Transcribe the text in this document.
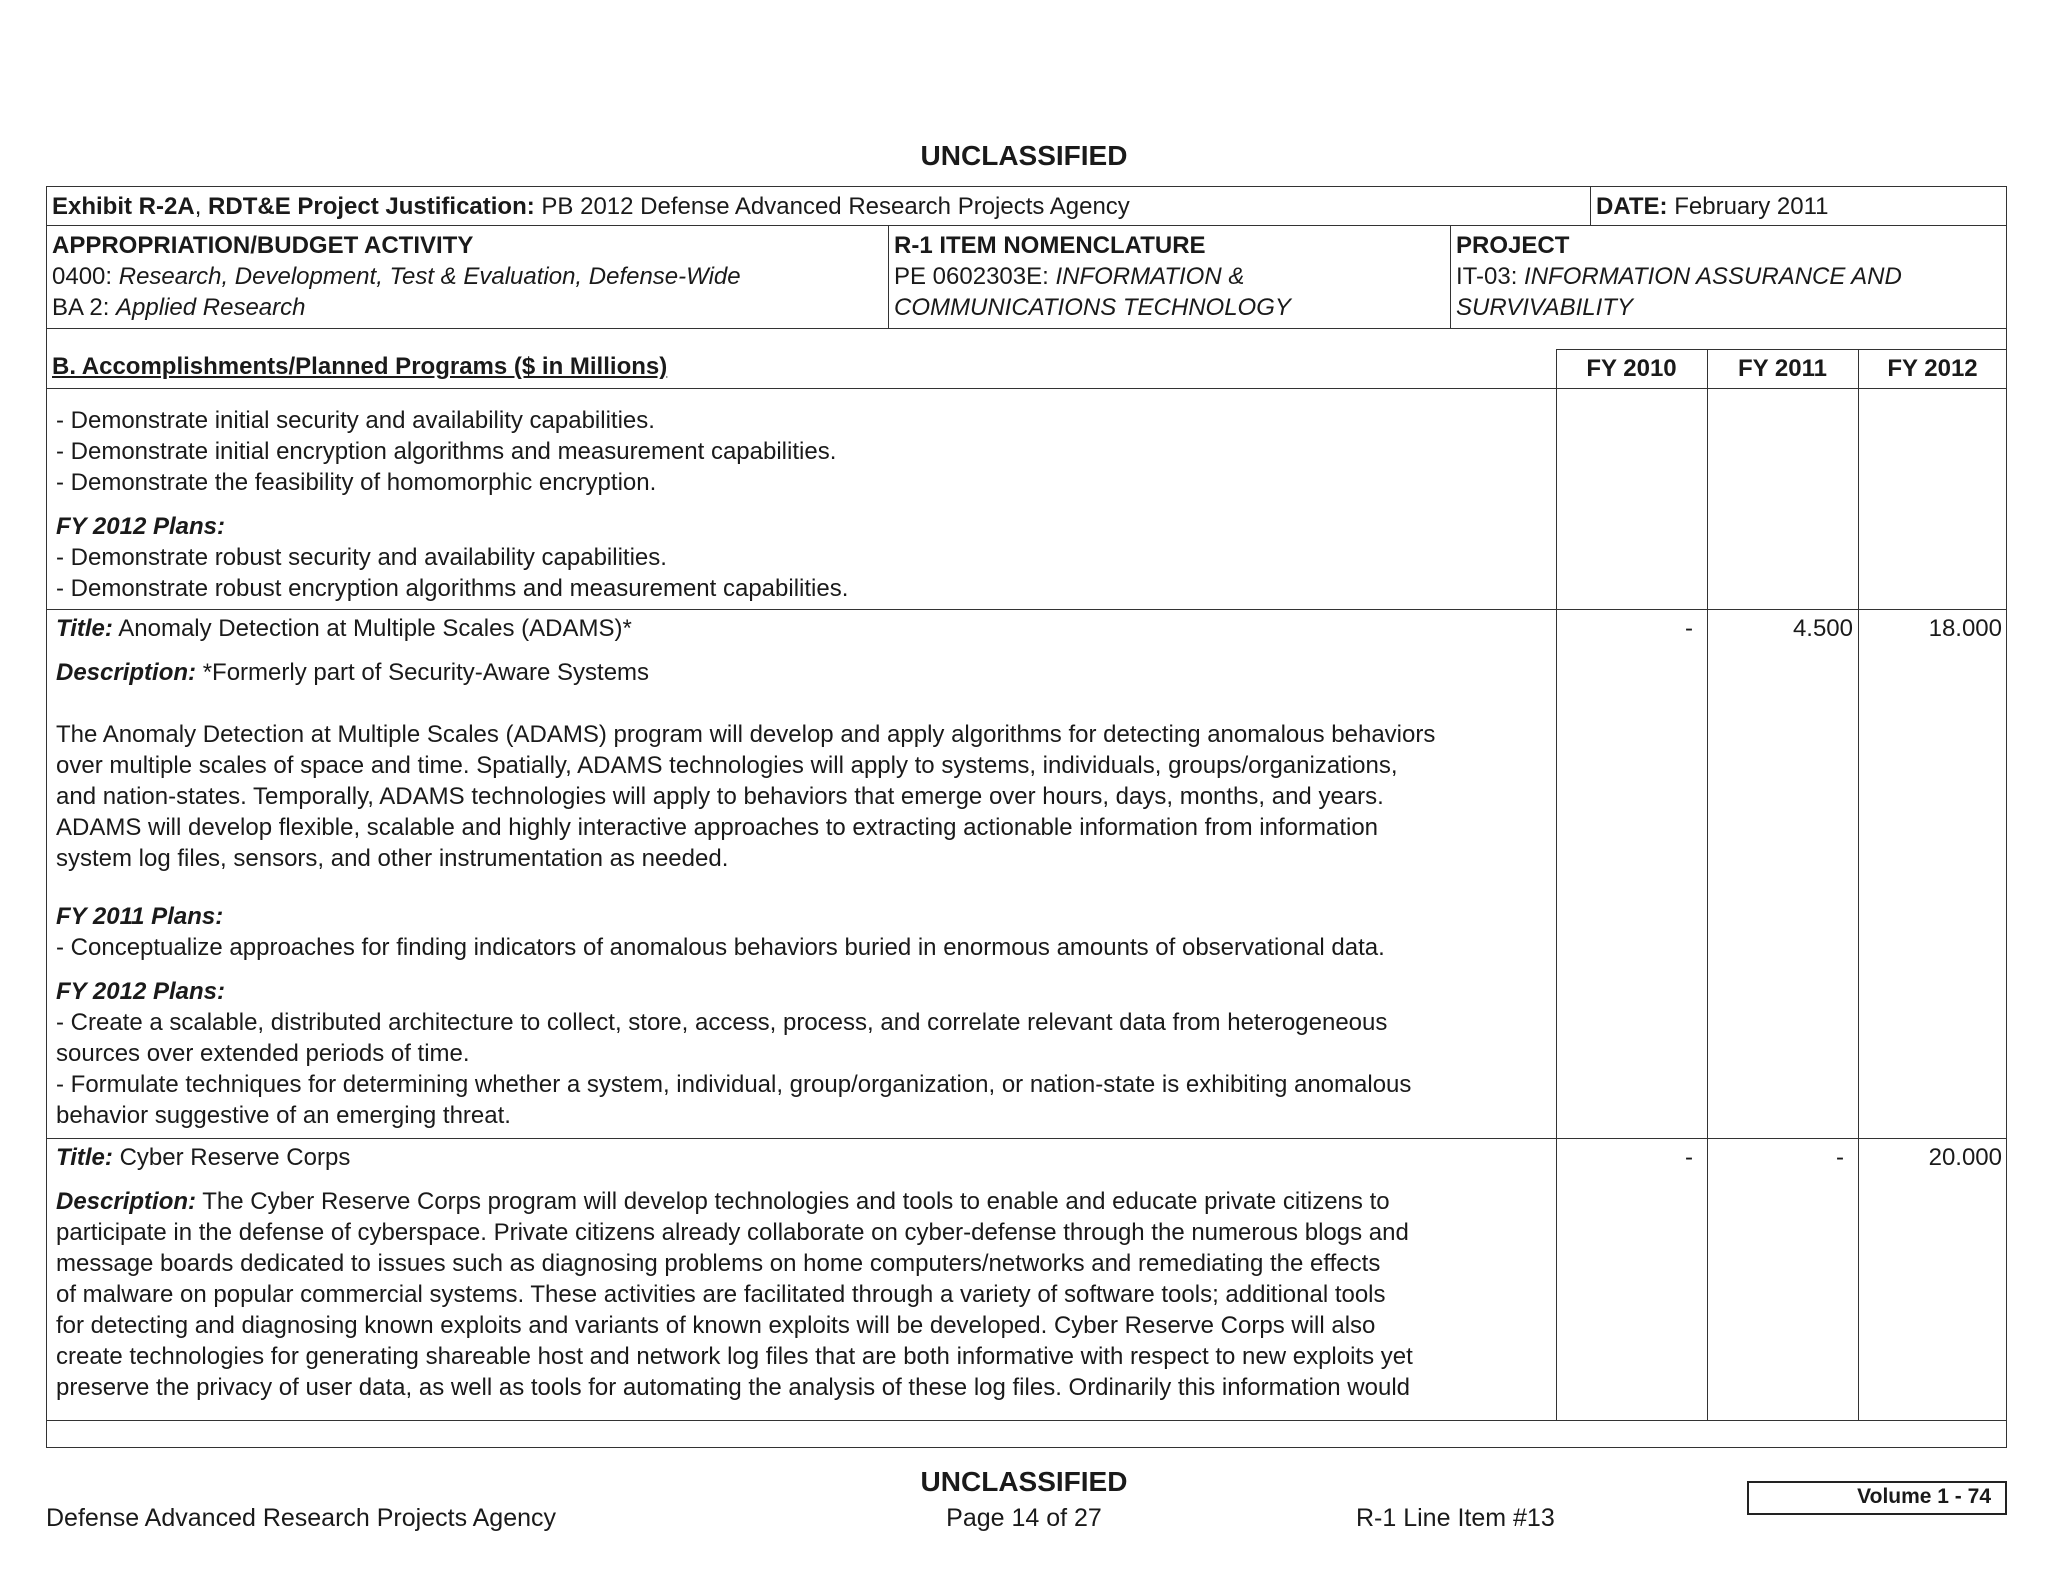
UNCLASSIFIED
Exhibit R-2A, RDT&E Project Justification: PB 2012 Defense Advanced Research Projects Agency	DATE: February 2011
APPROPRIATION/BUDGET ACTIVITY
0400: Research, Development, Test & Evaluation, Defense-Wide
BA 2: Applied Research
R-1 ITEM NOMENCLATURE
PE 0602303E: INFORMATION &
COMMUNICATIONS TECHNOLOGY
PROJECT
IT-03: INFORMATION ASSURANCE AND
SURVIVABILITY
B. Accomplishments/Planned Programs ($ in Millions)	FY 2010	FY 2011	FY 2012
- Demonstrate initial security and availability capabilities.
- Demonstrate initial encryption algorithms and measurement capabilities.
- Demonstrate the feasibility of homomorphic encryption.
FY 2012 Plans:
- Demonstrate robust security and availability capabilities.
- Demonstrate robust encryption algorithms and measurement capabilities.
Title: Anomaly Detection at Multiple Scales (ADAMS)*	-	4.500	18.000
Description: *Formerly part of Security-Aware Systems
The Anomaly Detection at Multiple Scales (ADAMS) program will develop and apply algorithms for detecting anomalous behaviors
over multiple scales of space and time. Spatially, ADAMS technologies will apply to systems, individuals, groups/organizations,
and nation-states. Temporally, ADAMS technologies will apply to behaviors that emerge over hours, days, months, and years.
ADAMS will develop flexible, scalable and highly interactive approaches to extracting actionable information from information
system log files, sensors, and other instrumentation as needed.
FY 2011 Plans:
- Conceptualize approaches for finding indicators of anomalous behaviors buried in enormous amounts of observational data.
FY 2012 Plans:
- Create a scalable, distributed architecture to collect, store, access, process, and correlate relevant data from heterogeneous
sources over extended periods of time.
- Formulate techniques for determining whether a system, individual, group/organization, or nation-state is exhibiting anomalous
behavior suggestive of an emerging threat.
Title: Cyber Reserve Corps	-	-	20.000
Description: The Cyber Reserve Corps program will develop technologies and tools to enable and educate private citizens to
participate in the defense of cyberspace. Private citizens already collaborate on cyber-defense through the numerous blogs and
message boards dedicated to issues such as diagnosing problems on home computers/networks and remediating the effects
of malware on popular commercial systems. These activities are facilitated through a variety of software tools; additional tools
for detecting and diagnosing known exploits and variants of known exploits will be developed. Cyber Reserve Corps will also
create technologies for generating shareable host and network log files that are both informative with respect to new exploits yet
preserve the privacy of user data, as well as tools for automating the analysis of these log files. Ordinarily this information would
UNCLASSIFIED
Defense Advanced Research Projects Agency	Page 14 of 27	R-1 Line Item #13
Volume 1 - 74
